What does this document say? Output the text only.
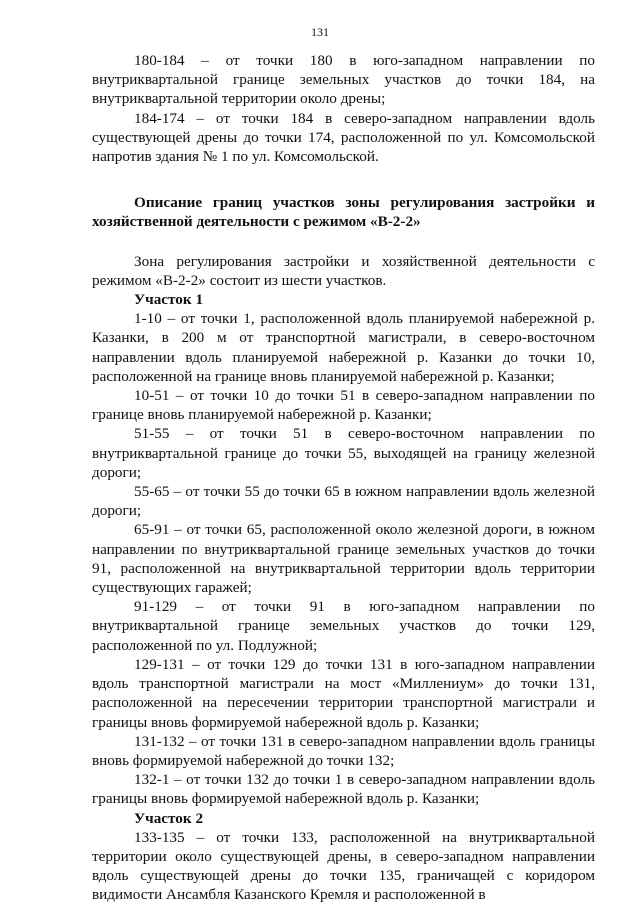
131

180-184 – от точки 180 в юго-западном направлении по внутриквартальной границе земельных участков до точки 184, на внутриквартальной территории около дрены;

184-174 – от точки 184 в северо-западном направлении вдоль существующей дрены до точки 174, расположенной по ул. Комсомольской напротив здания № 1 по ул. Комсомольской.

Описание границ участков зоны регулирования застройки и хозяйственной деятельности с режимом «В-2-2»

Зона регулирования застройки и хозяйственной деятельности с режимом «В-2-2» состоит из шести участков.

Участок 1

1-10 – от точки 1, расположенной вдоль планируемой набережной р. Казанки, в 200 м от транспортной магистрали, в северо-восточном направлении вдоль планируемой набережной р. Казанки до точки 10, расположенной на границе вновь планируемой набережной р. Казанки;

10-51 – от точки 10 до точки 51 в северо-западном направлении по границе вновь планируемой набережной р. Казанки;

51-55 – от точки 51 в северо-восточном направлении по внутриквартальной границе до точки 55, выходящей на границу железной дороги;

55-65 – от точки 55 до точки 65 в южном направлении вдоль железной дороги;

65-91 – от точки 65, расположенной около железной дороги, в южном направлении по внутриквартальной границе земельных участков до точки 91, расположенной на внутриквартальной территории вдоль территории существующих гаражей;

91-129 – от точки 91 в юго-западном направлении по внутриквартальной границе земельных участков до точки 129, расположенной по ул. Подлужной;

129-131 – от точки 129 до точки 131 в юго-западном направлении вдоль транспортной магистрали на мост «Миллениум» до точки 131, расположенной на пересечении территории транспортной магистрали и границы вновь формируемой набережной вдоль р. Казанки;

131-132 – от точки 131 в северо-западном направлении вдоль границы вновь формируемой набережной до точки 132;

132-1 – от точки 132 до точки 1 в северо-западном направлении вдоль границы вновь формируемой набережной вдоль р. Казанки;

Участок 2

133-135 – от точки 133, расположенной на внутриквартальной территории около существующей дрены, в северо-западном направлении вдоль существующей дрены до точки 135, граничащей с коридором видимости Ансамбля Казанского Кремля и расположенной в
